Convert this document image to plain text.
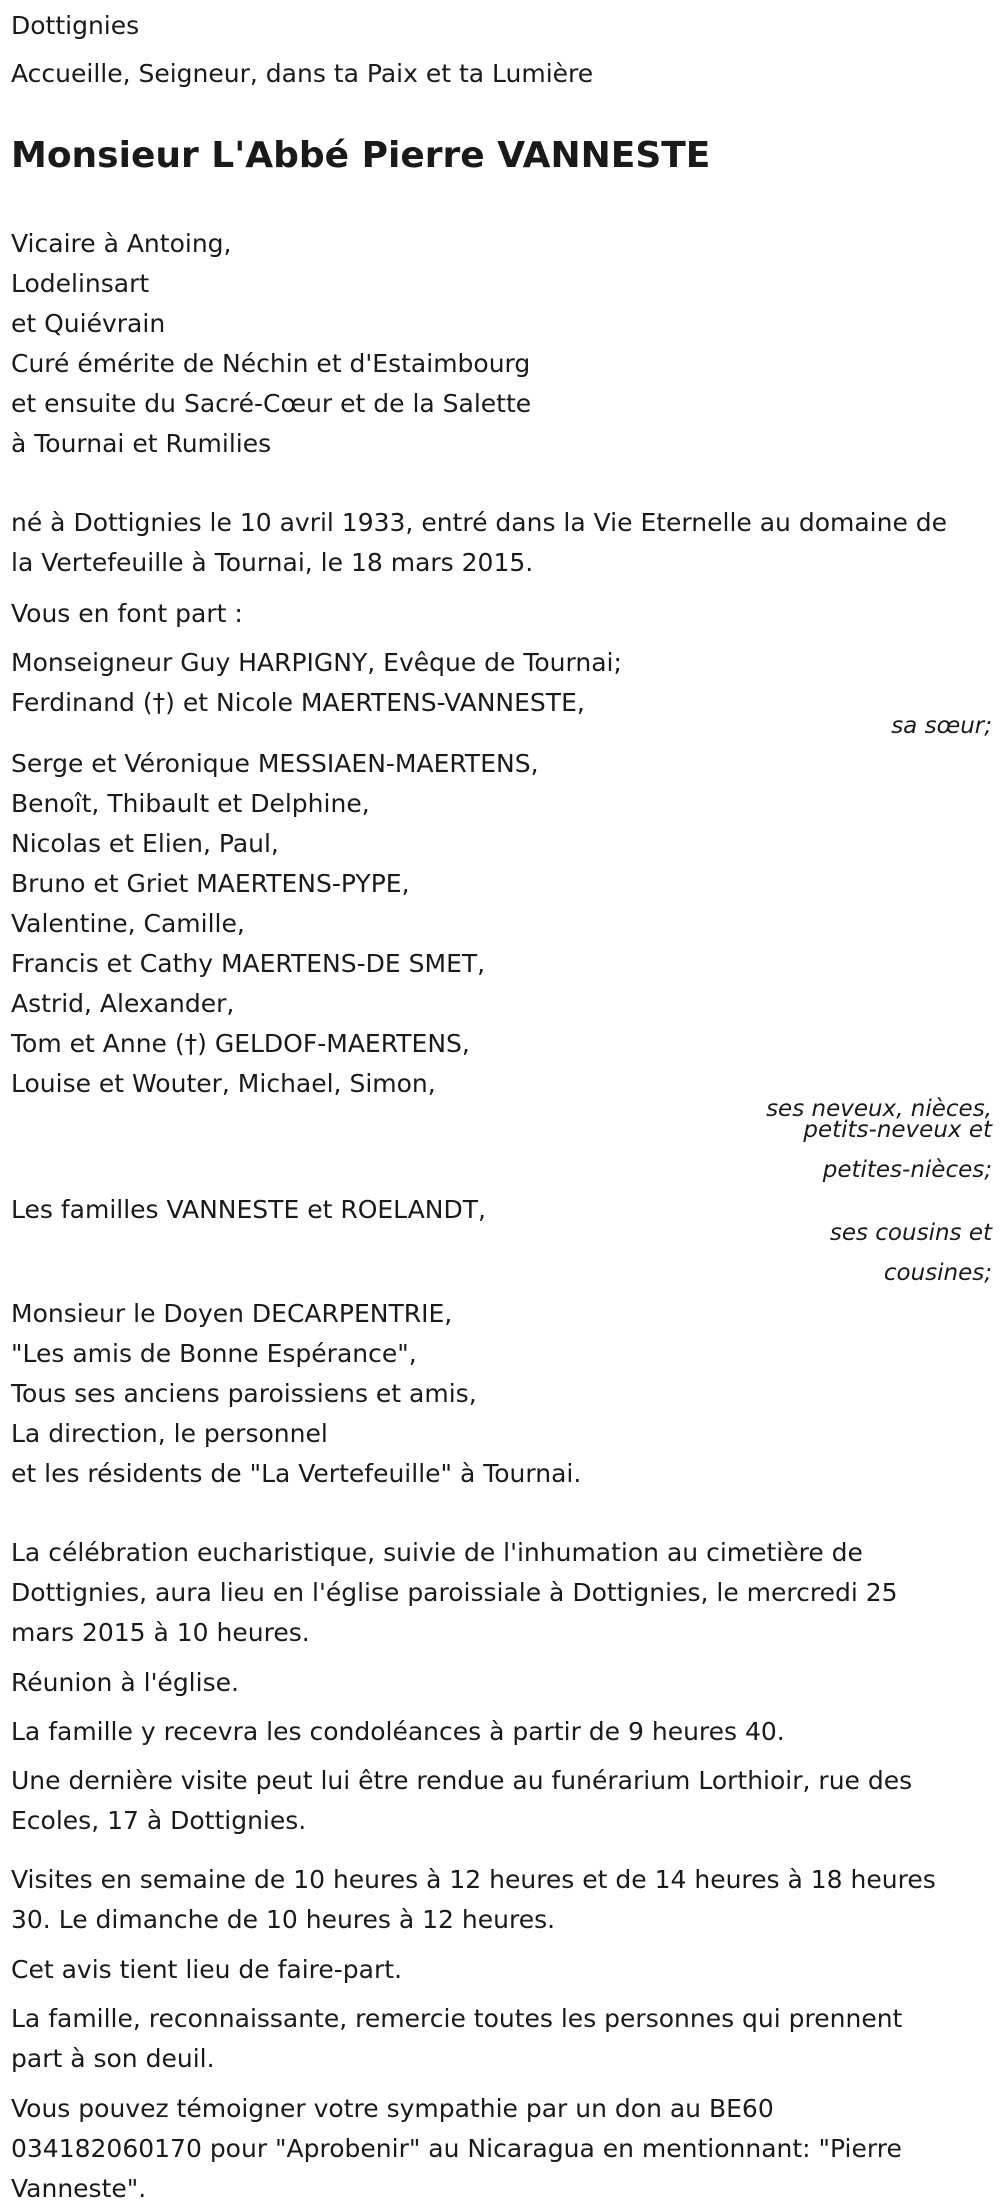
Dottignies

Accueille, Seigneur, dans ta Paix et ta Lumière

Monsieur L'Abbé Pierre VANNESTE

Vicaire à Antoing,

Lodelinsart

et Quiévrain

Curé émérite de Néchin et d'Estaimbourg

et ensuite du Sacré-Cœur et de la Salette

à Tournai et Rumilies

né à Dottignies le 10 avril 1933, entré dans la Vie Eternelle au domaine de

la Vertefeuille à Tournai, le 18 mars 2015.

Vous en font part :

Monseigneur Guy HARPIGNY, Evêque de Tournai;

Ferdinand (†) et Nicole MAERTENS-VANNESTE,

sa sœur;

Serge et Véronique MESSIAEN-MAERTENS,

Benoît, Thibault et Delphine,

Nicolas et Elien, Paul,

Bruno et Griet MAERTENS-PYPE,

Valentine, Camille,

Francis et Cathy MAERTENS-DE SMET,

Astrid, Alexander,

Tom et Anne (†) GELDOF-MAERTENS,

Louise et Wouter, Michael, Simon,

ses neveux, nièces,

petits-neveux et

petites-nièces;

Les familles VANNESTE et ROELANDT,

ses cousins et

cousines;

Monsieur le Doyen DECARPENTRIE,

"Les amis de Bonne Espérance",

Tous ses anciens paroissiens et amis,

La direction, le personnel

et les résidents de "La Vertefeuille" à Tournai.

La célébration eucharistique, suivie de l'inhumation au cimetière de

Dottignies, aura lieu en l'église paroissiale à Dottignies, le mercredi 25

mars 2015 à 10 heures.

Réunion à l'église.

La famille y recevra les condoléances à partir de 9 heures 40.

Une dernière visite peut lui être rendue au funérarium Lorthioir, rue des

Ecoles, 17 à Dottignies.

Visites en semaine de 10 heures à 12 heures et de 14 heures à 18 heures

30. Le dimanche de 10 heures à 12 heures.

Cet avis tient lieu de faire-part.

La famille, reconnaissante, remercie toutes les personnes qui prennent

part à son deuil.

Vous pouvez témoigner votre sympathie par un don au BE60

034182060170 pour "Aprobenir" au Nicaragua en mentionnant: "Pierre

Vanneste".
